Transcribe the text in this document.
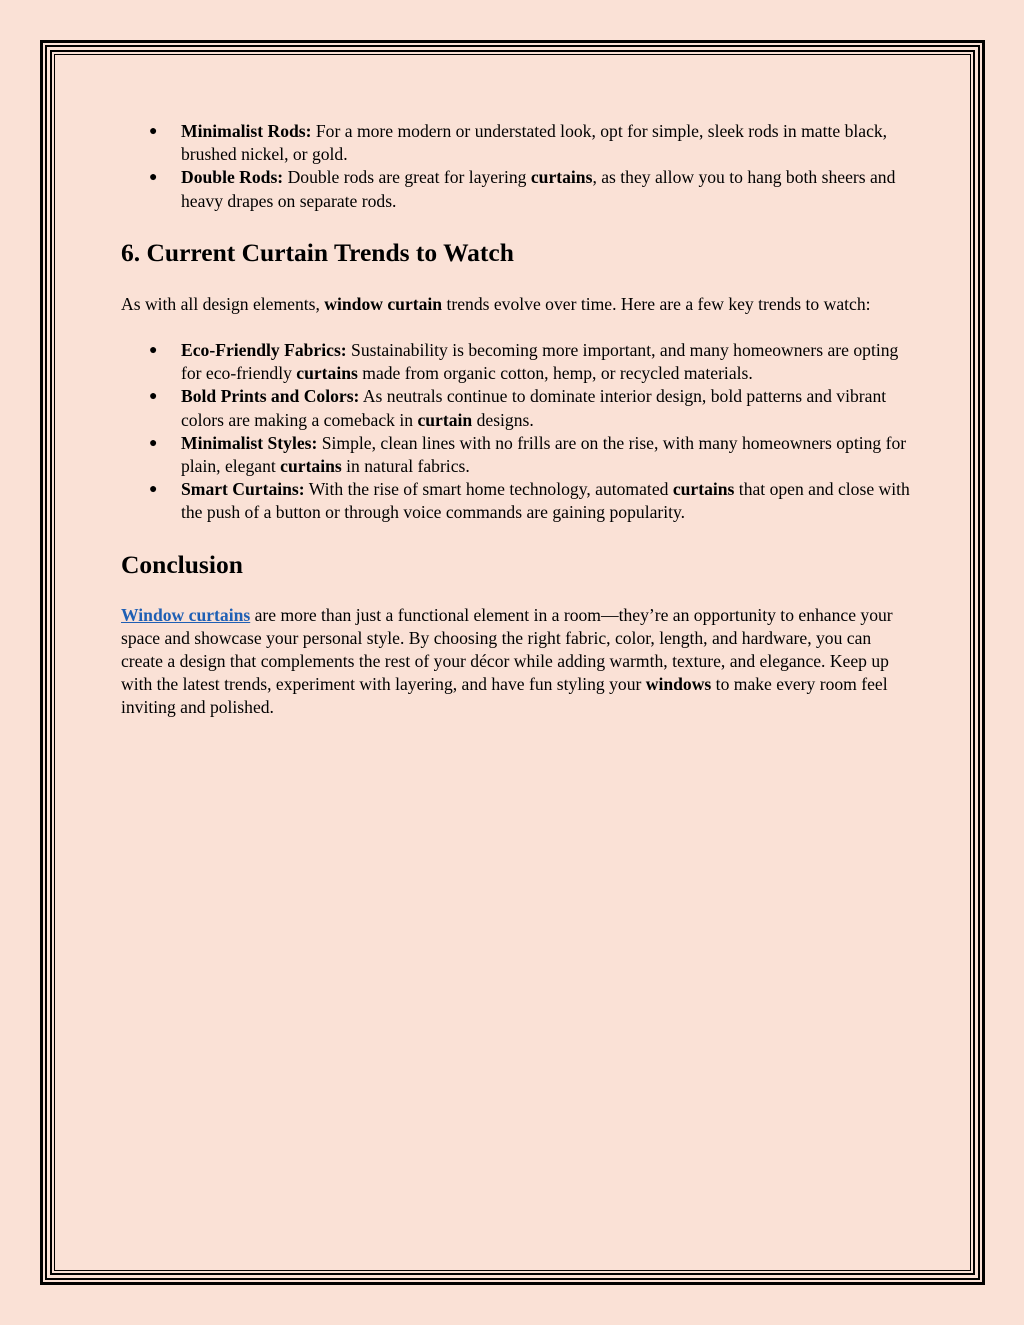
● Minimalist Rods: For a more modern or understated look, opt for simple, sleek rods in matte black, brushed nickel, or gold.
● Double Rods: Double rods are great for layering curtains, as they allow you to hang both sheers and heavy drapes on separate rods.
6. Current Curtain Trends to Watch

As with all design elements, window curtain trends evolve over time. Here are a few key trends to watch:

● Eco-Friendly Fabrics: Sustainability is becoming more important, and many homeowners are opting for eco-friendly curtains made from organic cotton, hemp, or recycled materials.
● Bold Prints and Colors: As neutrals continue to dominate interior design, bold patterns and vibrant colors are making a comeback in curtain designs.
● Minimalist Styles: Simple, clean lines with no frills are on the rise, with many homeowners opting for plain, elegant curtains in natural fabrics.
● Smart Curtains: With the rise of smart home technology, automated curtains that open and close with the push of a button or through voice commands are gaining popularity.
Conclusion

Window curtains are more than just a functional element in a room—they’re an opportunity to enhance your space and showcase your personal style. By choosing the right fabric, color, length, and hardware, you can create a design that complements the rest of your décor while adding warmth, texture, and elegance. Keep up with the latest trends, experiment with layering, and have fun styling your windows to make every room feel inviting and polished.
